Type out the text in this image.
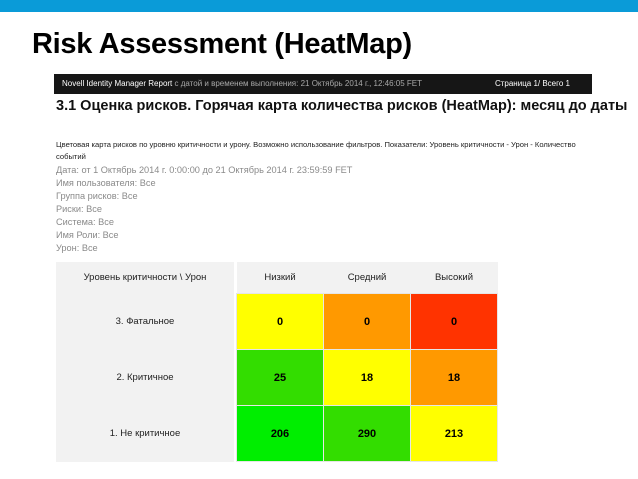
Risk Assessment (HeatMap)
Novell Identity Manager Report с датой и временем выполнения: 21 Октябрь 2014 г., 12:46:05 FET	Страница 1/ Всего 1
3.1 Оценка рисков. Горячая карта количества рисков (HeatMap): месяц до даты
Цветовая карта рисков по уровню критичности и урону. Возможно использование фильтров. Показатели: Уровень критичности - Урон - Количество событий
Дата: от 1 Октябрь 2014 г. 0:00:00 до 21 Октябрь 2014 г. 23:59:59 FET
Имя пользователя: Все
Группа рисков: Все
Риски: Все
Система: Все
Имя Роли: Все
Урон: Все
Уровень критичности \ Урон		Низкий	Средний	Высокий
3. Фатальное		0	0	0
2. Критичное		25	18	18
1. Не критичное		206	290	213
